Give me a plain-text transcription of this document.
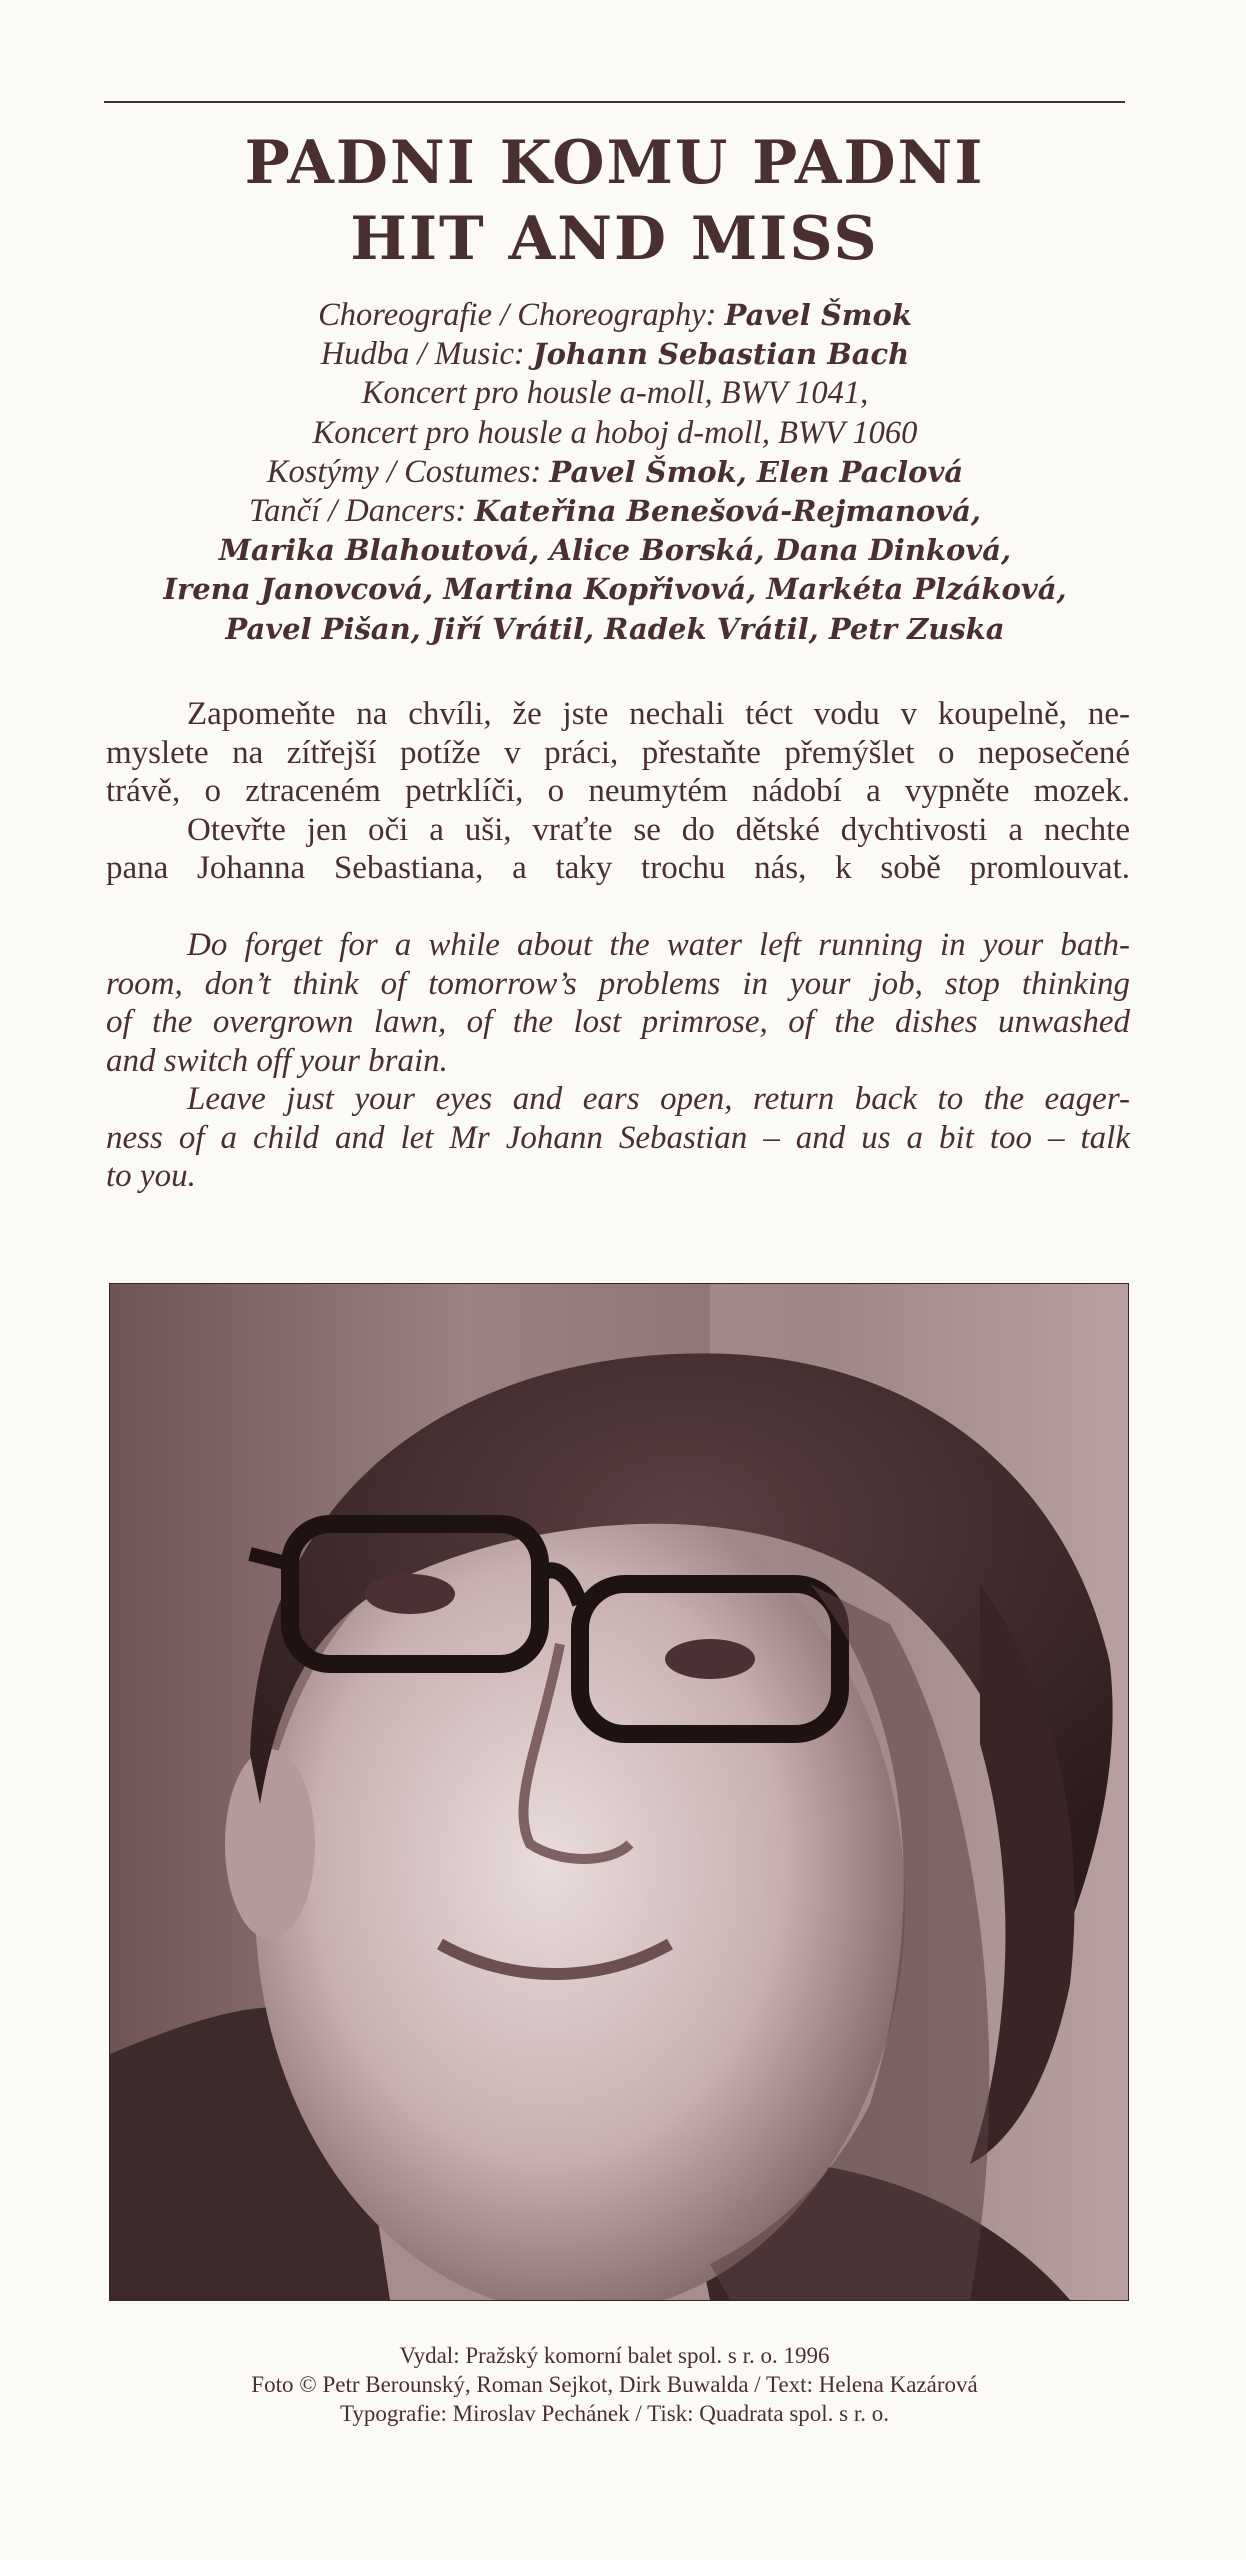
PADNI KOMU PADNI
HIT AND MISS
Choreografie / Choreography: Pavel Šmok
Hudba / Music: Johann Sebastian Bach
Koncert pro housle a-moll, BWV 1041,
Koncert pro housle a hoboj d-moll, BWV 1060
Kostýmy / Costumes: Pavel Šmok, Elen Paclová
Tančí / Dancers: Kateřina Benešová-Rejmanová,
Marika Blahoutová, Alice Borská, Dana Dinková,
Irena Janovcová, Martina Kopřivová, Markéta Plzáková,
Pavel Pišan, Jiří Vrátil, Radek Vrátil, Petr Zuska
Zapomeňte na chvíli, že jste nechali téct vodu v koupelně, ne-
myslete na zítřejší potíže v práci, přestaňte přemýšlet o neposečené
trávě, o ztraceném petrklíči, o neumytém nádobí a vypněte mozek.
Otevřte jen oči a uši, vraťte se do dětské dychtivosti a nechte
pana Johanna Sebastiana, a taky trochu nás, k sobě promlouvat.
Do forget for a while about the water left running in your bath-
room, don’t think of tomorrow’s problems in your job, stop thinking
of the overgrown lawn, of the lost primrose, of the dishes unwashed
and switch off your brain.
Leave just your eyes and ears open, return back to the eager-
ness of a child and let Mr Johann Sebastian – and us a bit too – talk
to you.
Vydal: Pražský komorní balet spol. s r. o. 1996
Foto © Petr Berounský, Roman Sejkot, Dirk Buwalda / Text: Helena Kazárová
Typografie: Miroslav Pechánek / Tisk: Quadrata spol. s r. o.
